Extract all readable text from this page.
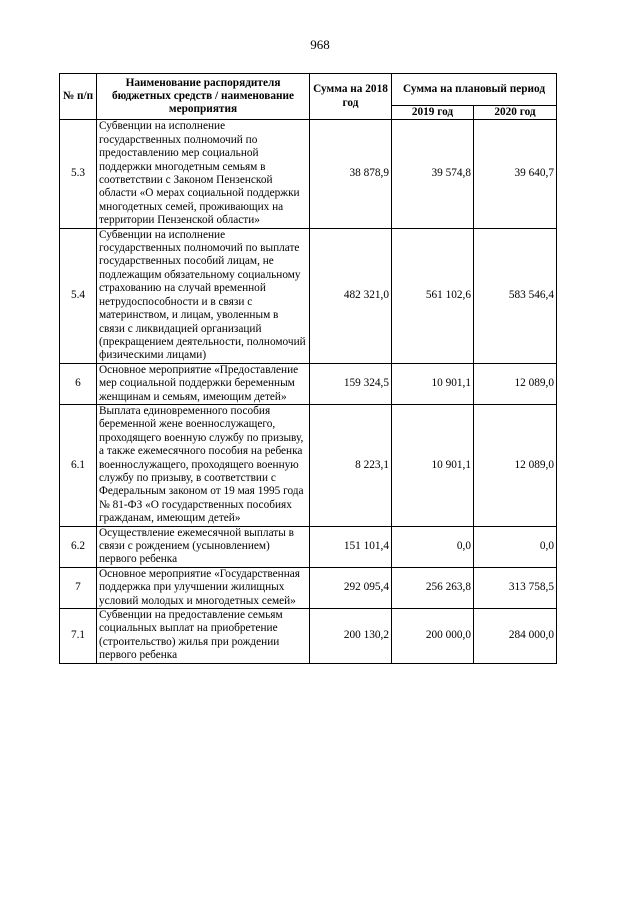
968
№ п/п	Наименование распорядителя бюджетных средств / наименование мероприятия	Сумма на 2018 год	Сумма на плановый период	
			2019 год	2020 год
5.3	Субвенции на исполнение государственных полномочий по предоставлению мер социальной поддержки многодетным семьям в соответствии с Законом Пензенской области «О мерах социальной поддержки многодетных семей, проживающих на территории Пензенской области»	38 878,9	39 574,8	39 640,7
5.4	Субвенции на исполнение государственных полномочий по выплате государственных пособий лицам, не подлежащим обязательному социальному страхованию на случай временной нетрудоспособности и в связи с материнством, и лицам, уволенным в связи с ликвидацией организаций (прекращением деятельности, полномочий физическими лицами)	482 321,0	561 102,6	583 546,4
6	Основное мероприятие «Предоставление мер социальной поддержки беременным женщинам и семьям, имеющим детей»	159 324,5	10 901,1	12 089,0
6.1	Выплата единовременного пособия беременной жене военнослужащего, проходящего военную службу по призыву, а также ежемесячного пособия на ребенка военнослужащего, проходящего военную службу по призыву, в соответствии с Федеральным законом от 19 мая 1995 года № 81-ФЗ «О государственных пособиях гражданам, имеющим детей»	8 223,1	10 901,1	12 089,0
6.2	Осуществление ежемесячной выплаты в связи с рождением (усыновлением) первого ребенка	151 101,4	0,0	0,0
7	Основное мероприятие «Государственная поддержка при улучшении жилищных условий молодых и многодетных семей»	292 095,4	256 263,8	313 758,5
7.1	Субвенции на предоставление семьям социальных выплат на приобретение (строительство) жилья при рождении первого ребенка	200 130,2	200 000,0	284 000,0
